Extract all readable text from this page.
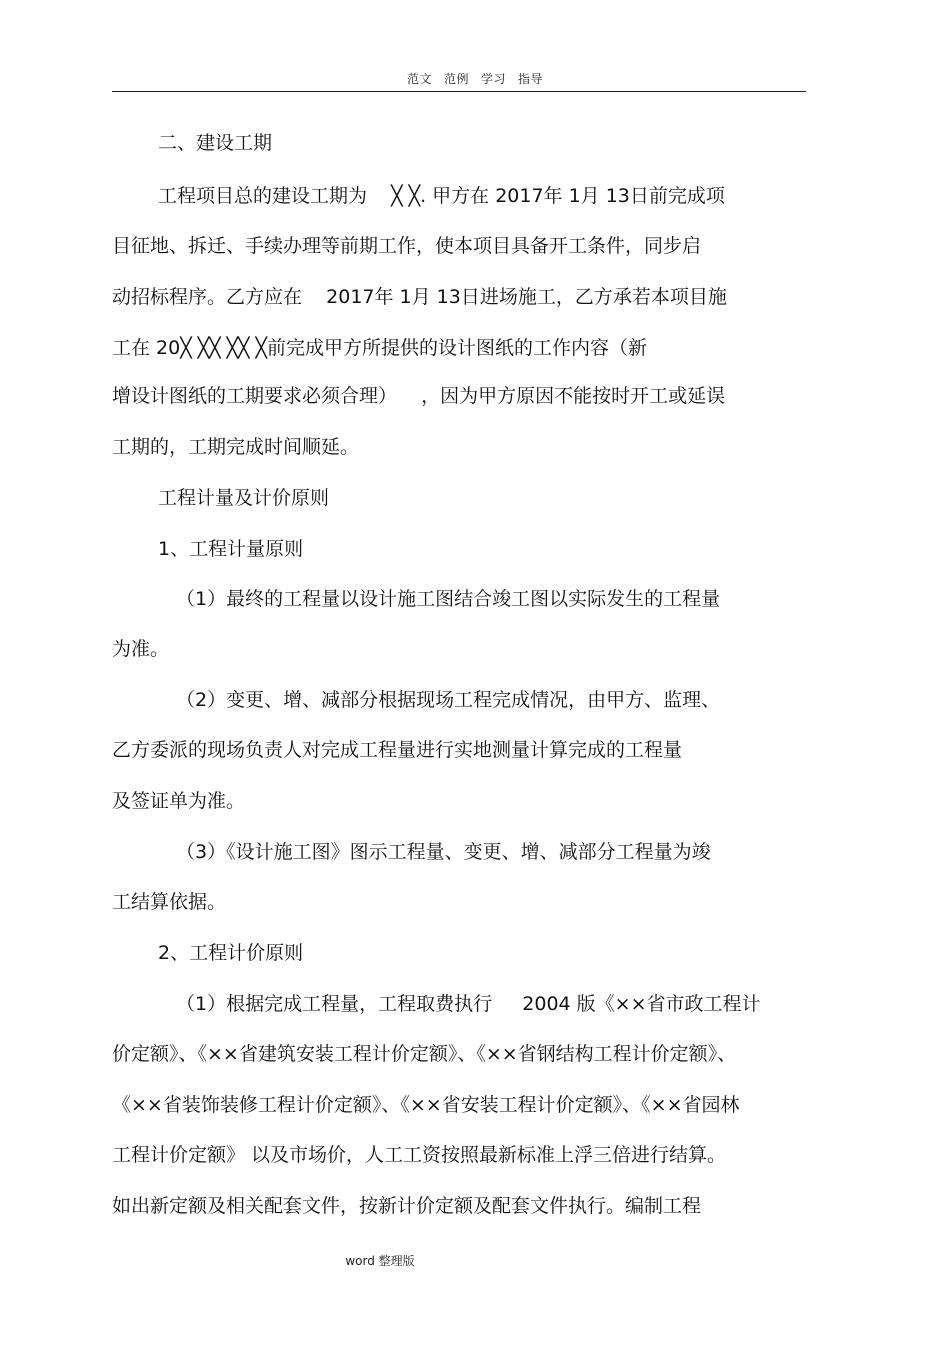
范文 范例 学习 指导
二、建设工期
工程项目总的建设工期为    ╳ ╳. 甲方在 2017年 1月 13日前完成项
目征地、拆迁、手续办理等前期工作，使本项目具备开工条件，同步启
动招标程序。乙方应在    2017年 1月 13日进场施工，乙方承若本项目施
工在 20╳ ╳╳ ╳╳ ╳前完成甲方所提供的设计图纸的工作内容（新
增设计图纸的工期要求必须合理）    ，因为甲方原因不能按时开工或延误
工期的，工期完成时间顺延。
工程计量及计价原则
1、工程计量原则
（1）最终的工程量以设计施工图结合竣工图以实际发生的工程量
为准。
（2）变更、增、减部分根据现场工程完成情况，由甲方、监理、
乙方委派的现场负责人对完成工程量进行实地测量计算完成的工程量
及签证单为准。
（3）《设计施工图》图示工程量、变更、增、减部分工程量为竣
工结算依据。
2、工程计价原则
（1）根据完成工程量，工程取费执行     2004 版《××省市政工程计
价定额》、《××省建筑安装工程计价定额》、《××省钢结构工程计价定额》、
《××省装饰装修工程计价定额》、《××省安装工程计价定额》、《××省园林
工程计价定额》 以及市场价，人工工资按照最新标准上浮三倍进行结算。
如出新定额及相关配套文件，按新计价定额及配套文件执行。编制工程
word 整理版
